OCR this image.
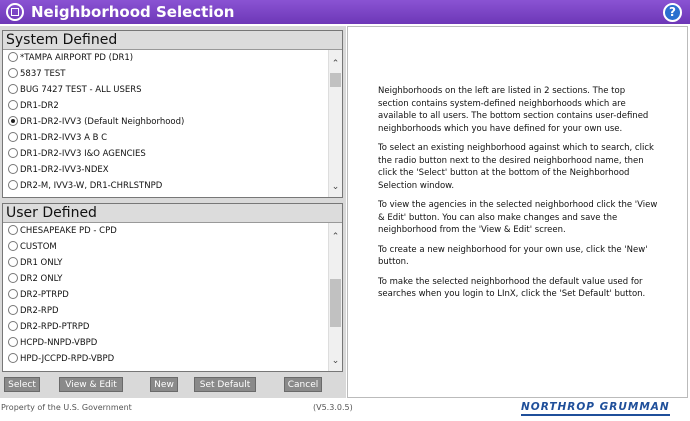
Neighborhood Selection	?
System Defined
*TAMPA AIRPORT PD (DR1)
5837 TEST
BUG 7427 TEST - ALL USERS
DR1-DR2
DR1-DR2-IVV3 (Default Neighborhood)
DR1-DR2-IVV3 A B C
DR1-DR2-IVV3 I&O AGENCIES
DR1-DR2-IVV3-NDEX
DR2-M, IVV3-W, DR1-CHRLSTNPD
⌃
⌄
User Defined
CHESAPEAKE PD - CPD
CUSTOM
DR1 ONLY
DR2 ONLY
DR2-PTRPD
DR2-RPD
DR2-RPD-PTRPD
HCPD-NNPD-VBPD
HPD-JCCPD-RPD-VBPD
⌃
⌄
Select	View & Edit	New	Set Default	Cancel

Neighborhoods on the left are listed in 2 sections. The top section contains system-defined neighborhoods which are available to all users. The bottom section contains user-defined neighborhoods which you have defined for your own use.

To select an existing neighborhood against which to search, click the radio button next to the desired neighborhood name, then click the 'Select' button at the bottom of the Neighborhood Selection window.

To view the agencies in the selected neighborhood click the 'View & Edit' button. You can also make changes and save the neighborhood from the 'View & Edit' screen.

To create a new neighborhood for your own use, click the 'New' button.

To make the selected neighborhood the default value used for searches when you login to LInX, click the 'Set Default' button.

Property of the U.S. Government	(V5.3.0.5)	NORTHROP GRUMMAN
